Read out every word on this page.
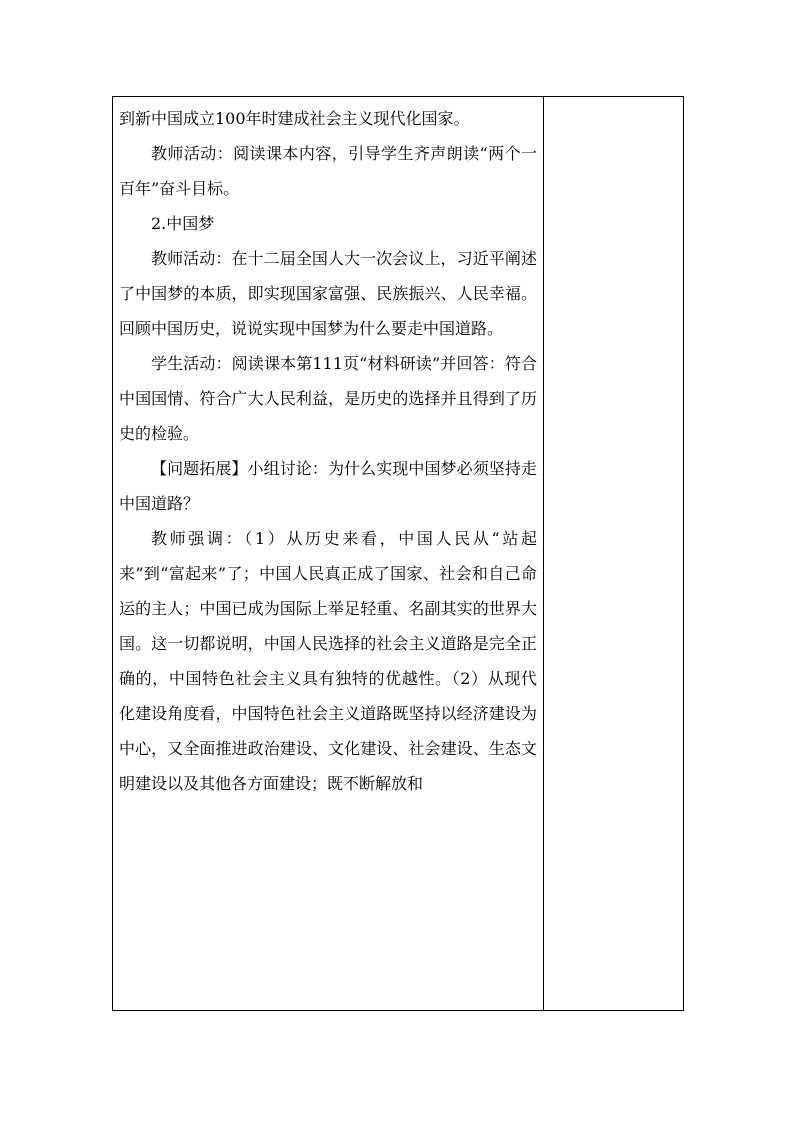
到新中国成立100年时建成社会主义现代化国家。

教师活动：阅读课本内容，引导学生齐声朗读“两个一百年”奋斗目标。

2.中国梦

教师活动：在十二届全国人大一次会议上，习近平阐述了中国梦的本质，即实现国家富强、民族振兴、人民幸福。回顾中国历史，说说实现中国梦为什么要走中国道路。

学生活动：阅读课本第111页“材料研读”并回答：符合中国国情、符合广大人民利益，是历史的选择并且得到了历史的检验。

【问题拓展】小组讨论：为什么实现中国梦必须坚持走中国道路？

教师强调：（1）从历史来看，中国人民从“站起来”到“富起来”了；中国人民真正成了国家、社会和自己命运的主人；中国已成为国际上举足轻重、名副其实的世界大国。这一切都说明，中国人民选择的社会主义道路是完全正确的，中国特色社会主义具有独特的优越性。（2）从现代化建设角度看，中国特色社会主义道路既坚持以经济建设为中心，又全面推进政治建设、文化建设、社会建设、生态文明建设以及其他各方面建设；既不断解放和
